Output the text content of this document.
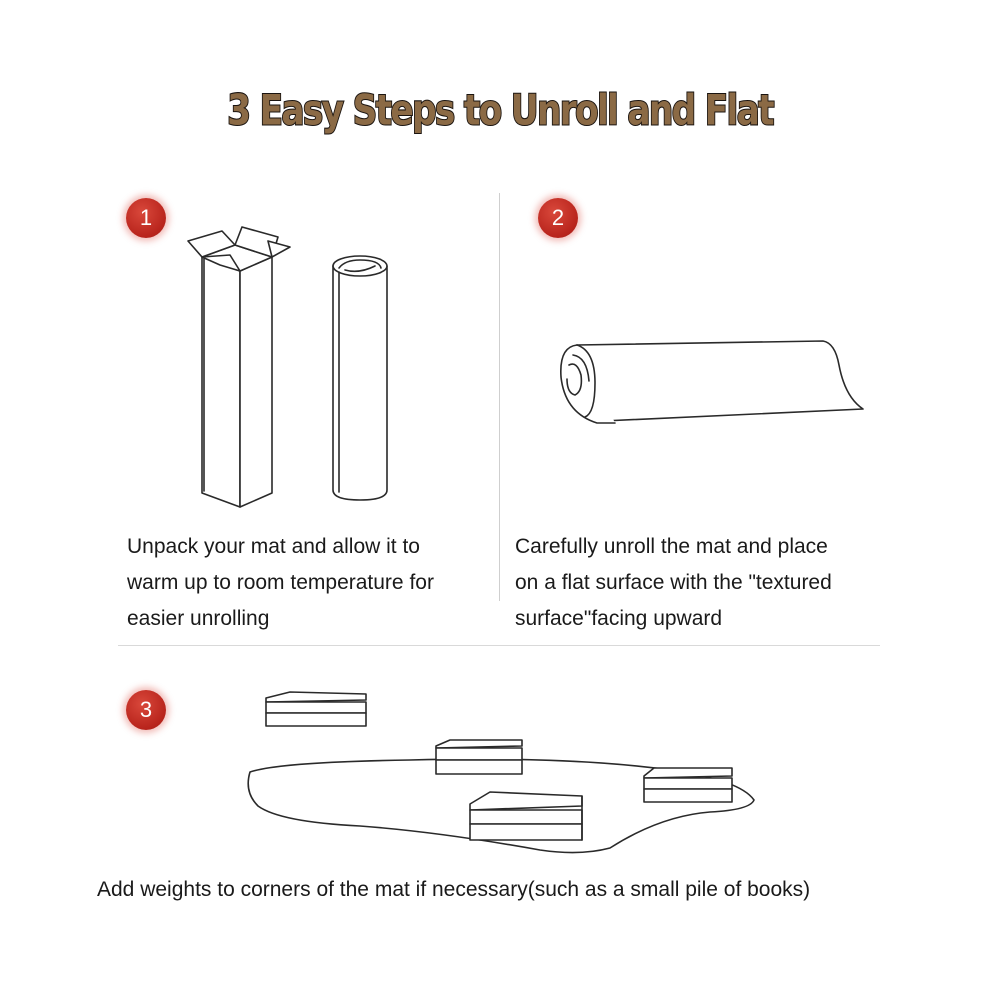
3 Easy Steps to Unroll and Flat
1
Unpack your mat and allow it to
warm up to room temperature for
easier unrolling
2
Carefully unroll the mat and place
on a flat surface with the "textured
surface"facing upward
3
Add weights to corners of the mat if necessary(such as a small pile of books)
